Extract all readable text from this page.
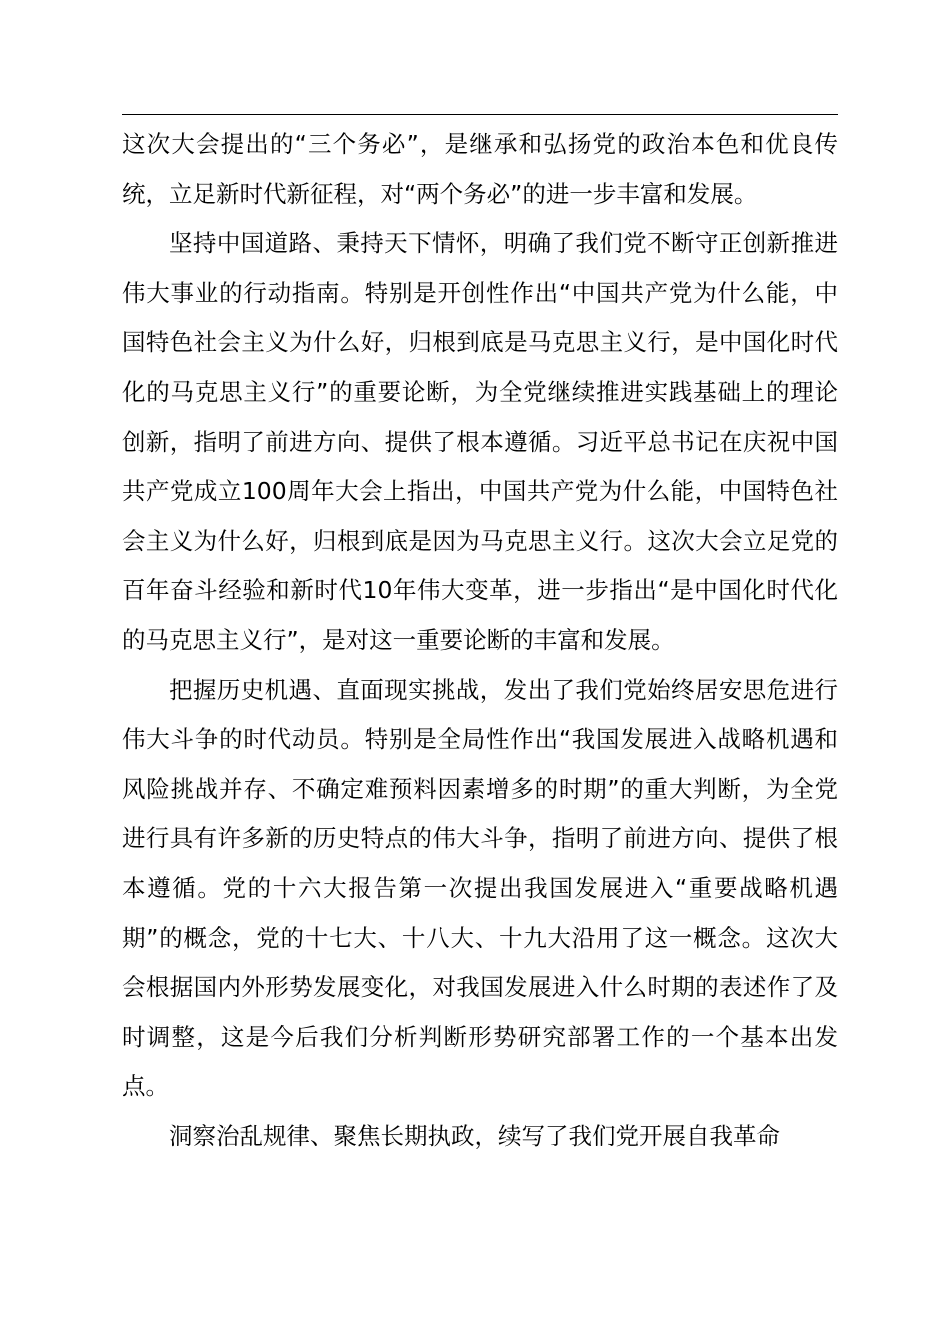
这次大会提出的“三个务必”，是继承和弘扬党的政治本色和优良传统，立足新时代新征程，对“两个务必”的进一步丰富和发展。

坚持中国道路、秉持天下情怀，明确了我们党不断守正创新推进伟大事业的行动指南。特别是开创性作出“中国共产党为什么能，中国特色社会主义为什么好，归根到底是马克思主义行，是中国化时代化的马克思主义行”的重要论断，为全党继续推进实践基础上的理论创新，指明了前进方向、提供了根本遵循。习近平总书记在庆祝中国共产党成立100周年大会上指出，中国共产党为什么能，中国特色社会主义为什么好，归根到底是因为马克思主义行。这次大会立足党的百年奋斗经验和新时代10年伟大变革，进一步指出“是中国化时代化的马克思主义行”，是对这一重要论断的丰富和发展。

把握历史机遇、直面现实挑战，发出了我们党始终居安思危进行伟大斗争的时代动员。特别是全局性作出“我国发展进入战略机遇和风险挑战并存、不确定难预料因素增多的时期”的重大判断，为全党进行具有许多新的历史特点的伟大斗争，指明了前进方向、提供了根本遵循。党的十六大报告第一次提出我国发展进入“重要战略机遇期”的概念，党的十七大、十八大、十九大沿用了这一概念。这次大会根据国内外形势发展变化，对我国发展进入什么时期的表述作了及时调整，这是今后我们分析判断形势研究部署工作的一个基本出发点。

洞察治乱规律、聚焦长期执政，续写了我们党开展自我革命
